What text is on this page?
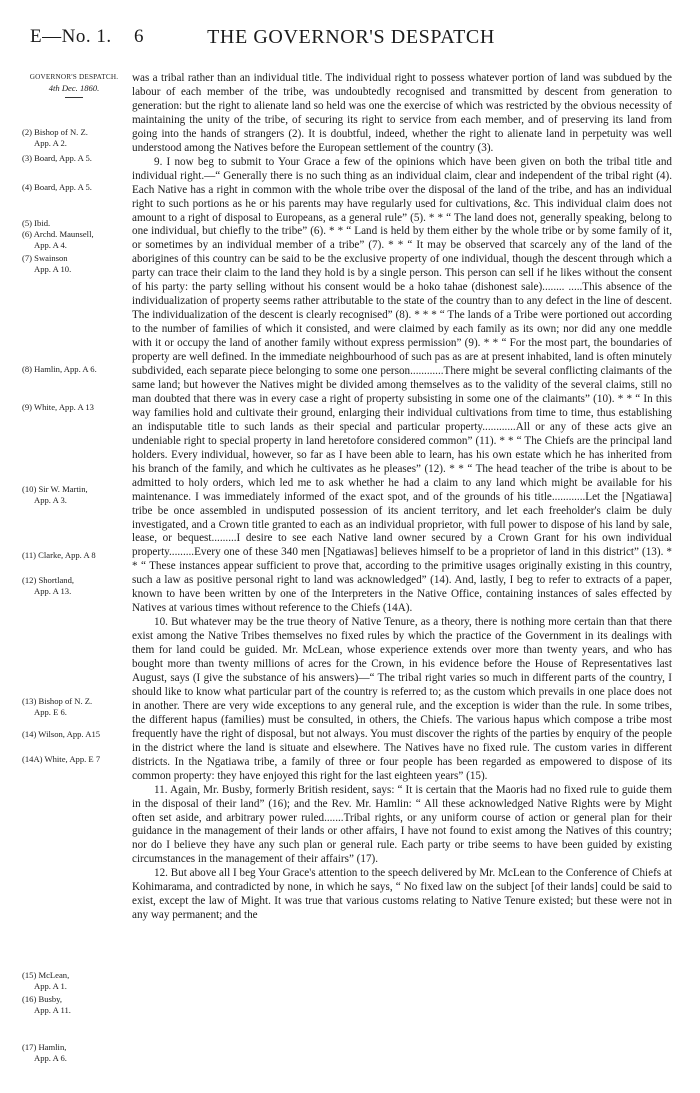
E—No. 1. 6	THE GOVERNOR'S DESPATCH
GOVERNOR'S DESPATCH.
4th Dec. 1860.
(2) Bishop of N. Z.
App. A 2.
(3) Board, App. A 5.
(4) Board, App. A 5.
(5) Ibid.
(6) Archd. Maunsell,
App. A 4.
(7) Swainson
App. A 10.
(8) Hamlin, App. A 6.
(9) White, App. A 13
(10) Sir W. Martin,
App. A 3.
(11) Clarke, App. A 8
(12) Shortland,
App. A 13.
(13) Bishop of N. Z.
App. E 6.
(14) Wilson, App. A15
(14A) White, App. E 7
(15) McLean,
App. A 1.
(16) Busby,
App. A 11.
(17) Hamlin,
App. A 6.

was a tribal rather than an individual title. The individual right to possess whatever portion of land was subdued by the labour of each member of the tribe, was undoubtedly recognised and transmitted by descent from generation to generation: but the right to alienate land so held was one the exercise of which was restricted by the obvious necessity of maintaining the unity of the tribe, of securing its right to service from each member, and of preserving its land from going into the hands of strangers (2). It is doubtful, indeed, whether the right to alienate land in perpetuity was well understood among the Natives before the European settlement of the country (3).

9. I now beg to submit to Your Grace a few of the opinions which have been given on both the tribal title and individual right.—“ Generally there is no such thing as an individual claim, clear and independent of the tribal right (4). Each Native has a right in common with the whole tribe over the disposal of the land of the tribe, and has an individual right to such portions as he or his parents may have regularly used for cultivations, &c. This individual claim does not amount to a right of disposal to Europeans, as a general rule” (5). * * “ The land does not, generally speaking, belong to one individual, but chiefly to the tribe” (6). * * “ Land is held by them either by the whole tribe or by some family of it, or sometimes by an individual member of a tribe” (7). * * “ It may be observed that scarcely any of the land of the aborigines of this country can be said to be the exclusive property of one individual, though the descent through which a party can trace their claim to the land they hold is by a single person. This person can sell if he likes without the consent of his party: the party selling without his consent would be a hoko tahae (dishonest sale)........ .....This absence of the individualization of property seems rather attributable to the state of the country than to any defect in the line of descent. The individualization of the descent is clearly recognised” (8). * * * “ The lands of a Tribe were portioned out according to the number of families of which it consisted, and were claimed by each family as its own; nor did any one meddle with it or occupy the land of another family without express permission” (9). * * “ For the most part, the boundaries of property are well defined. In the immediate neighbourhood of such pas as are at present inhabited, land is often minutely subdivided, each separate piece belonging to some one person............There might be several conflicting claimants of the same land; but however the Natives might be divided among themselves as to the validity of the several claims, still no man doubted that there was in every case a right of property subsisting in some one of the claimants” (10). * * “ In this way families hold and cultivate their ground, enlarging their individual cultivations from time to time, thus establishing an indisputable title to such lands as their special and particular property............All or any of these acts give an undeniable right to special property in land heretofore considered common” (11). * * “ The Chiefs are the principal land holders. Every individual, however, so far as I have been able to learn, has his own estate which he has inherited from his branch of the family, and which he cultivates as he pleases” (12). * * “ The head teacher of the tribe is about to be admitted to holy orders, which led me to ask whether he had a claim to any land which might be available for his maintenance. I was immediately informed of the exact spot, and of the grounds of his title............Let the [Ngatiawa] tribe be once assembled in undisputed possession of its ancient territory, and let each freeholder's claim be duly investigated, and a Crown title granted to each as an individual proprietor, with full power to dispose of his land by sale, lease, or bequest.........I desire to see each Native land owner secured by a Crown Grant for his own individual property.........Every one of these 340 men [Ngatiawas] believes himself to be a proprietor of land in this district” (13). * * “ These instances appear sufficient to prove that, according to the primitive usages originally existing in this country, such a law as positive personal right to land was acknowledged” (14). And, lastly, I beg to refer to extracts of a paper, known to have been written by one of the Interpreters in the Native Office, containing instances of sales effected by Natives at various times without reference to the Chiefs (14A).

10. But whatever may be the true theory of Native Tenure, as a theory, there is nothing more certain than that there exist among the Native Tribes themselves no fixed rules by which the practice of the Government in its dealings with them for land could be guided. Mr. McLean, whose experience extends over more than twenty years, and who has bought more than twenty millions of acres for the Crown, in his evidence before the House of Representatives last August, says (I give the substance of his answers)—“ The tribal right varies so much in different parts of the country, I should like to know what particular part of the country is referred to; as the custom which prevails in one place does not in another. There are very wide exceptions to any general rule, and the exception is wider than the rule. In some tribes, the different hapus (families) must be consulted, in others, the Chiefs. The various hapus which compose a tribe most frequently have the right of disposal, but not always. You must discover the rights of the parties by enquiry of the people in the district where the land is situate and elsewhere. The Natives have no fixed rule. The custom varies in different districts. In the Ngatiawa tribe, a family of three or four people has been regarded as empowered to dispose of its common property: they have enjoyed this right for the last eighteen years” (15).

11. Again, Mr. Busby, formerly British resident, says: “ It is certain that the Maoris had no fixed rule to guide them in the disposal of their land” (16); and the Rev. Mr. Hamlin: “ All these acknowledged Native Rights were by Might often set aside, and arbitrary power ruled.......Tribal rights, or any uniform course of action or general plan for their guidance in the management of their lands or other affairs, I have not found to exist among the Natives of this country; nor do I believe they have any such plan or general rule. Each party or tribe seems to have been guided by existing circumstances in the management of their affairs” (17).

12. But above all I beg Your Grace's attention to the speech delivered by Mr. McLean to the Conference of Chiefs at Kohimarama, and contradicted by none, in which he says, “ No fixed law on the subject [of their lands] could be said to exist, except the law of Might. It was true that various customs relating to Native Tenure existed; but these were not in any way permanent; and the
